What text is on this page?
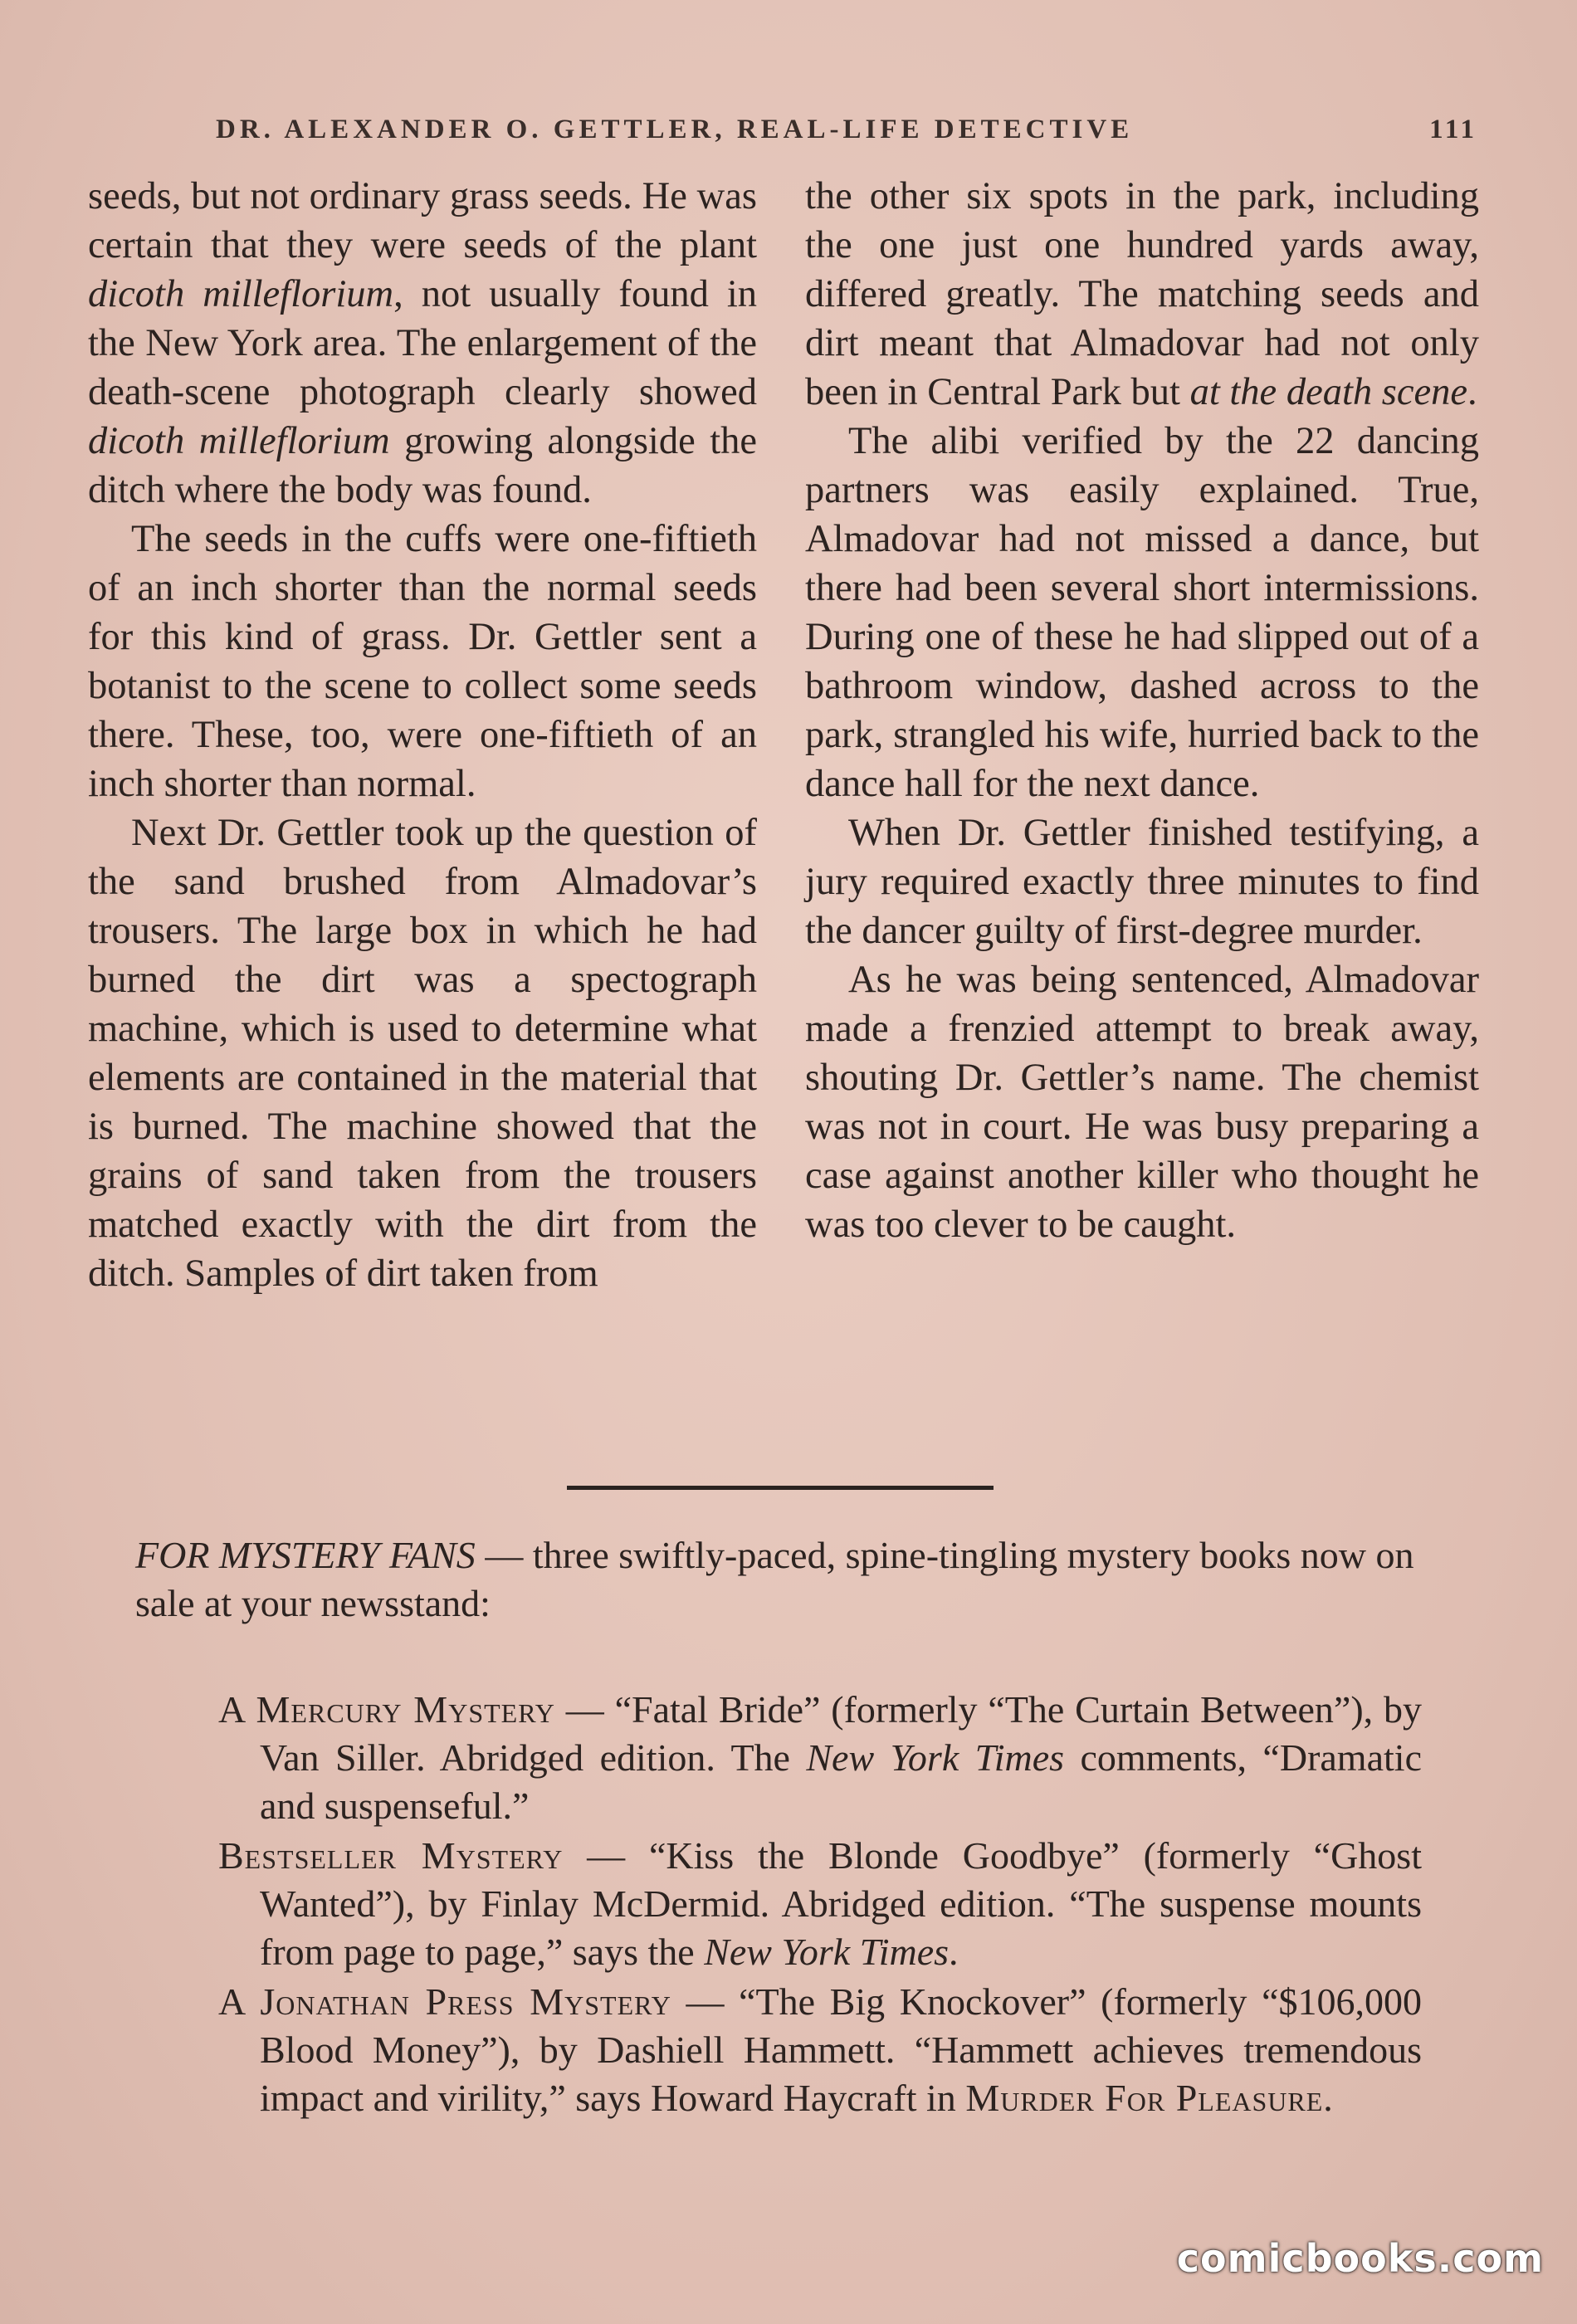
DR. ALEXANDER O. GETTLER, REAL-LIFE DETECTIVE	111

seeds, but not ordinary grass seeds. He was certain that they were seeds of the plant dicoth milleflorium, not usually found in the New York area. The enlargement of the death-scene photograph clearly showed dicoth milleflorium growing alongside the ditch where the body was found.

The seeds in the cuffs were one-fiftieth of an inch shorter than the normal seeds for this kind of grass. Dr. Gettler sent a botanist to the scene to collect some seeds there. These, too, were one-fiftieth of an inch shorter than normal.

Next Dr. Gettler took up the question of the sand brushed from Almadovar’s trousers. The large box in which he had burned the dirt was a spectograph machine, which is used to determine what elements are contained in the material that is burned. The machine showed that the grains of sand taken from the trousers matched exactly with the dirt from the ditch. Samples of dirt taken from

the other six spots in the park, including the one just one hundred yards away, differed greatly. The matching seeds and dirt meant that Almadovar had not only been in Central Park but at the death scene.

The alibi verified by the 22 dancing partners was easily explained. True, Almadovar had not missed a dance, but there had been several short intermissions. During one of these he had slipped out of a bathroom window, dashed across to the park, strangled his wife, hurried back to the dance hall for the next dance.

When Dr. Gettler finished testifying, a jury required exactly three minutes to find the dancer guilty of first-degree murder.

As he was being sentenced, Almadovar made a frenzied attempt to break away, shouting Dr. Gettler’s name. The chemist was not in court. He was busy preparing a case against another killer who thought he was too clever to be caught.

FOR MYSTERY FANS — three swiftly-paced, spine-tingling mystery books now on sale at your newsstand:

A Mercury Mystery — “Fatal Bride” (formerly “The Curtain Between”), by Van Siller. Abridged edition. The New York Times comments, “Dramatic and suspenseful.”
Bestseller Mystery — “Kiss the Blonde Goodbye” (formerly “Ghost Wanted”), by Finlay McDermid. Abridged edition. “The suspense mounts from page to page,” says the New York Times.
A Jonathan Press Mystery — “The Big Knockover” (formerly “$106,000 Blood Money”), by Dashiell Hammett. “Hammett achieves tremendous impact and virility,” says Howard Haycraft in Murder For Pleasure.
comicbooks.com
